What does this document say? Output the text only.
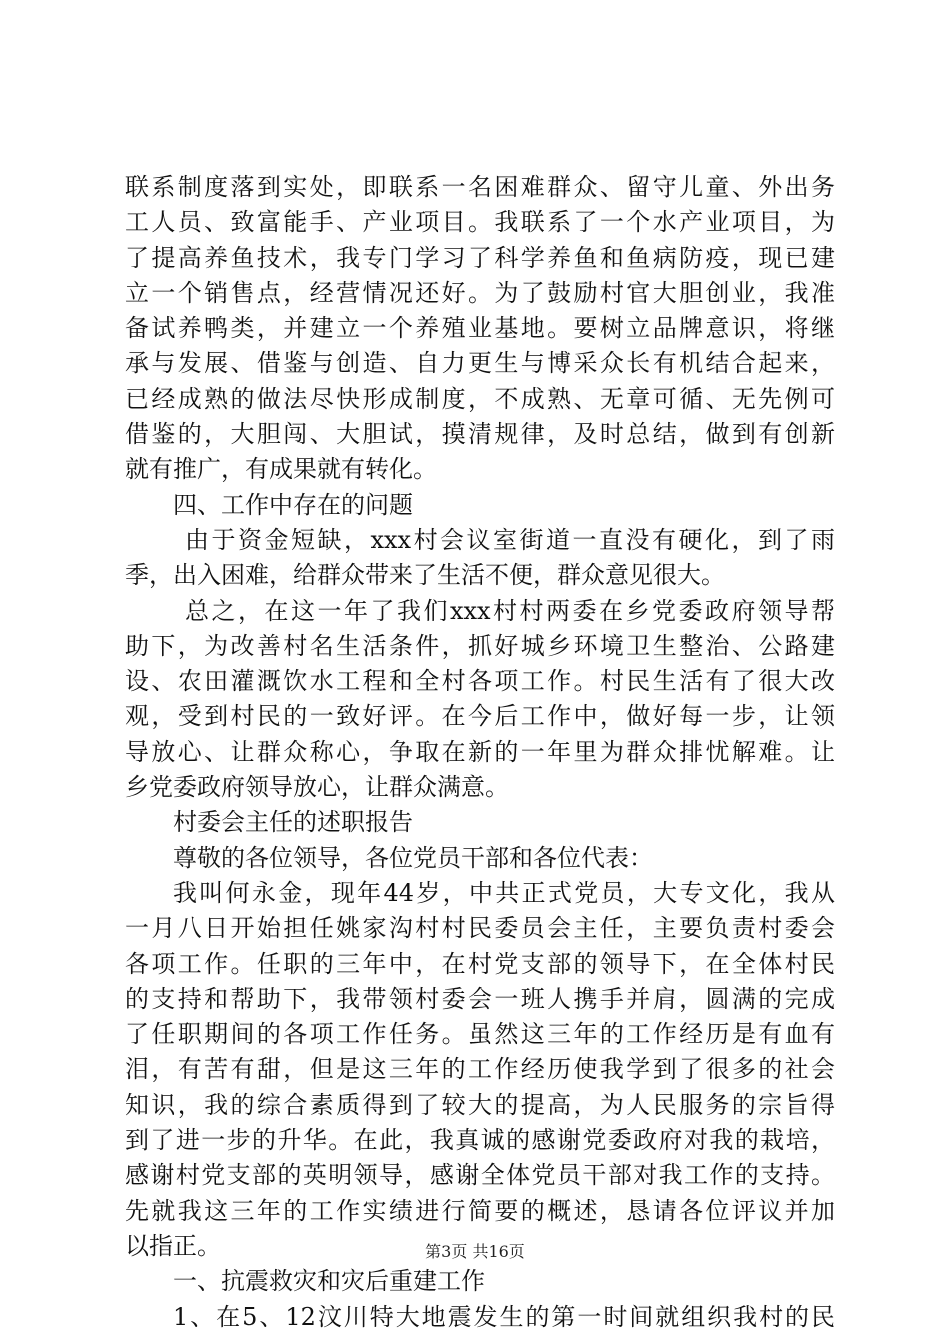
联系制度落到实处，即联系一名困难群众、留守儿童、外出务
工人员、致富能手、产业项目。我联系了一个水产业项目，为
了提高养鱼技术，我专门学习了科学养鱼和鱼病防疫，现已建
立一个销售点，经营情况还好。为了鼓励村官大胆创业，我准
备试养鸭类，并建立一个养殖业基地。要树立品牌意识，将继
承与发展、借鉴与创造、自力更生与博采众长有机结合起来，
已经成熟的做法尽快形成制度，不成熟、无章可循、无先例可
借鉴的，大胆闯、大胆试，摸清规律，及时总结，做到有创新
就有推广，有成果就有转化。
四、工作中存在的问题
由于资金短缺，xxx村会议室街道一直没有硬化，到了雨
季，出入困难，给群众带来了生活不便，群众意见很大。
总之，在这一年了我们xxx村村两委在乡党委政府领导帮
助下，为改善村名生活条件，抓好城乡环境卫生整治、公路建
设、农田灌溉饮水工程和全村各项工作。村民生活有了很大改
观，受到村民的一致好评。在今后工作中，做好每一步，让领
导放心、让群众称心，争取在新的一年里为群众排忧解难。让
乡党委政府领导放心，让群众满意。
村委会主任的述职报告
尊敬的各位领导，各位党员干部和各位代表：
我叫何永金，现年44岁，中共正式党员，大专文化，我从
一月八日开始担任姚家沟村村民委员会主任，主要负责村委会
各项工作。任职的三年中，在村党支部的领导下，在全体村民
的支持和帮助下，我带领村委会一班人携手并肩，圆满的完成
了任职期间的各项工作任务。虽然这三年的工作经历是有血有
泪，有苦有甜，但是这三年的工作经历使我学到了很多的社会
知识，我的综合素质得到了较大的提高，为人民服务的宗旨得
到了进一步的升华。在此，我真诚的感谢党委政府对我的栽培，
感谢村党支部的英明领导，感谢全体党员干部对我工作的支持。
先就我这三年的工作实绩进行简要的概述，恳请各位评议并加
以指正。
一、抗震救灾和灾后重建工作
1、在5、12汶川特大地震发生的第一时间就组织我村的民
第3页 共16页
